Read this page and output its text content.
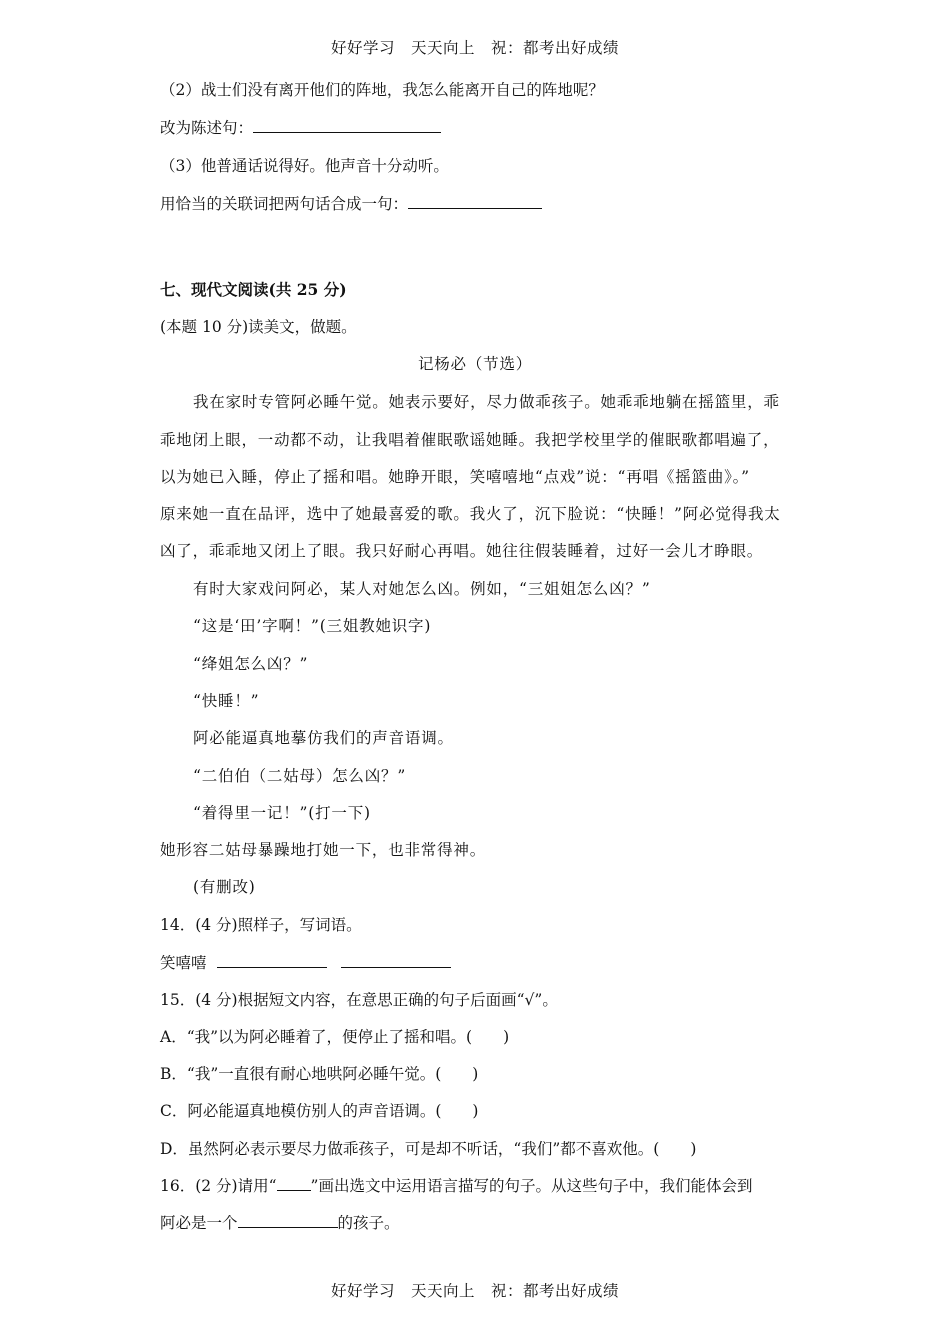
好好学习　天天向上　祝：都考出好成绩
（2）战士们没有离开他们的阵地，我怎么能离开自己的阵地呢？
改为陈述句：
（3）他普通话说得好。他声音十分动听。
用恰当的关联词把两句话合成一句：
七、现代文阅读(共 25 分)
(本题 10 分)读美文，做题。
记杨必（节选）
我在家时专管阿必睡午觉。她表示要好，尽力做乖孩子。她乖乖地躺在摇篮里，乖
乖地闭上眼，一动都不动，让我唱着催眠歌谣她睡。我把学校里学的催眠歌都唱遍了，
以为她已入睡，停止了摇和唱。她睁开眼，笑嘻嘻地“点戏”说：“再唱《摇篮曲》。”
原来她一直在品评，选中了她最喜爱的歌。我火了，沉下脸说：“快睡！”阿必觉得我太
凶了，乖乖地又闭上了眼。我只好耐心再唱。她往往假装睡着，过好一会儿才睁眼。
有时大家戏问阿必，某人对她怎么凶。例如，“三姐姐怎么凶？”
“这是‘田’字啊！”(三姐教她识字)
“绛姐怎么凶？”
“快睡！”
阿必能逼真地摹仿我们的声音语调。
“二伯伯（二姑母）怎么凶？”
“着得里一记！”(打一下)
她形容二姑母暴躁地打她一下，也非常得神。
(有删改)
14．(4 分)照样子，写词语。
笑嘻嘻
15．(4 分)根据短文内容，在意思正确的句子后面画“√”。
A．“我”以为阿必睡着了，便停止了摇和唱。(　　)
B．“我”一直很有耐心地哄阿必睡午觉。(　　)
C．阿必能逼真地模仿别人的声音语调。(　　)
D．虽然阿必表示要尽力做乖孩子，可是却不听话，“我们”都不喜欢他。(　　)
16．(2 分)请用“ ”画出选文中运用语言描写的句子。从这些句子中，我们能体会到
阿必是一个	的孩子。
好好学习　天天向上　祝：都考出好成绩
